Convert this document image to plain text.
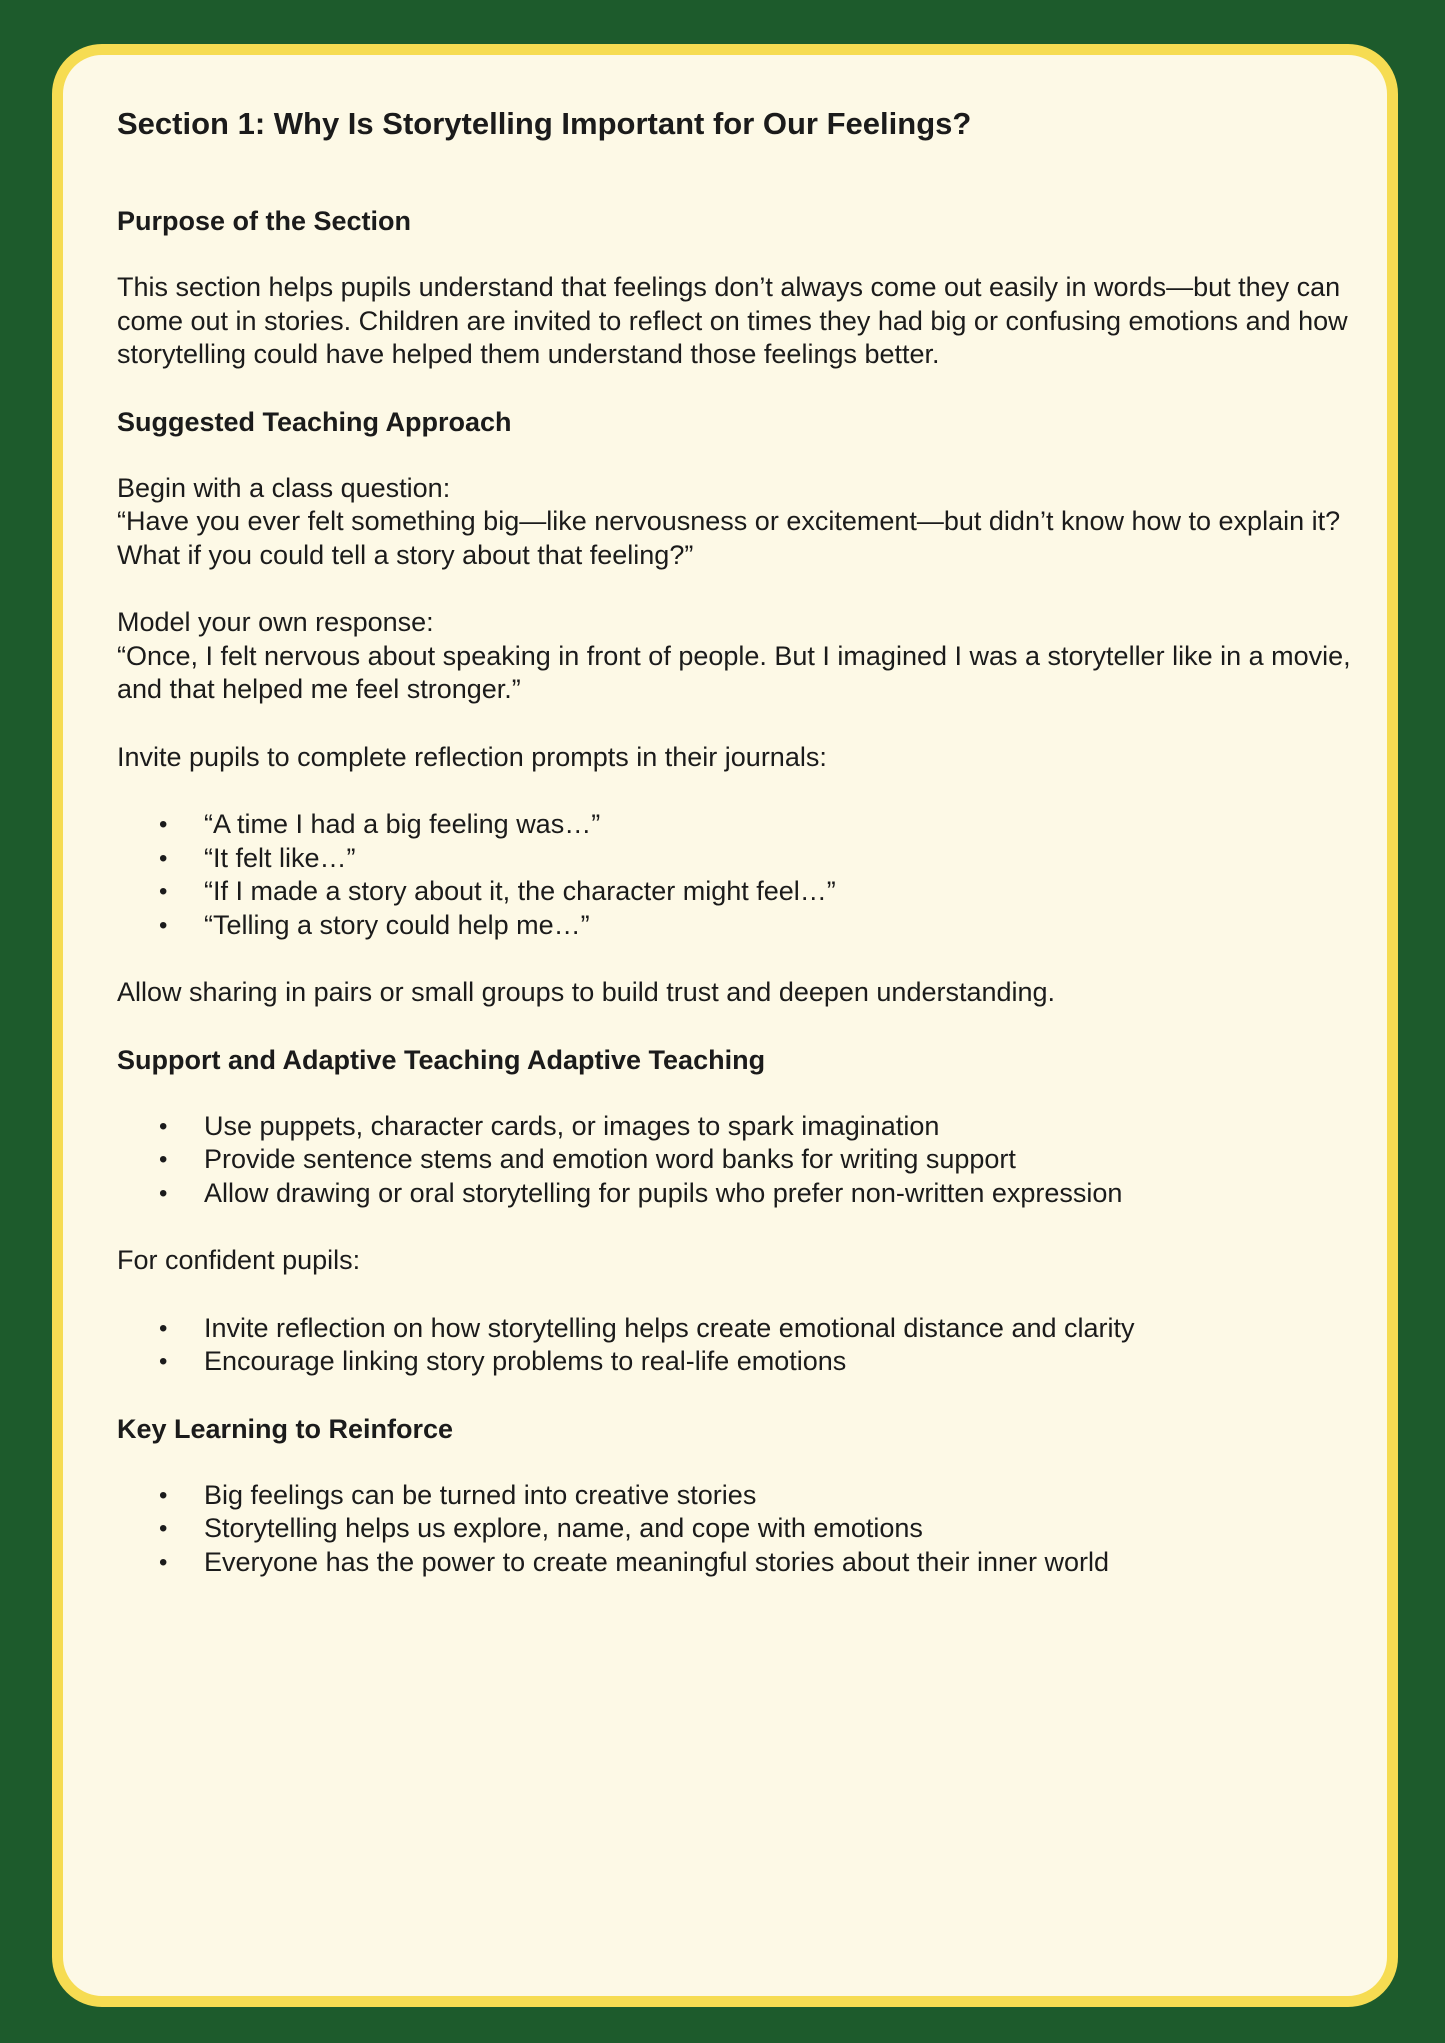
Section 1: Why Is Storytelling Important for Our Feelings?
Purpose of the Section

This section helps pupils understand that feelings don’t always come out easily in words—but they can come out in stories. Children are invited to reflect on times they had big or confusing emotions and how storytelling could have helped them understand those feelings better.

Suggested Teaching Approach

Begin with a class question:

“Have you ever felt something big—like nervousness or excitement—but didn’t know how to explain it? What if you could tell a story about that feeling?”

Model your own response:

“Once, I felt nervous about speaking in front of people. But I imagined I was a storyteller like in a movie, and that helped me feel stronger.”

Invite pupils to complete reflection prompts in their journals:

• “A time I had a big feeling was…”
• “It felt like…”
• “If I made a story about it, the character might feel…”
• “Telling a story could help me…”

Allow sharing in pairs or small groups to build trust and deepen understanding.

Support and Adaptive Teaching Adaptive Teaching
• Use puppets, character cards, or images to spark imagination
• Provide sentence stems and emotion word banks for writing support
• Allow drawing or oral storytelling for pupils who prefer non-written expression

For confident pupils:

• Invite reflection on how storytelling helps create emotional distance and clarity
• Encourage linking story problems to real-life emotions
Key Learning to Reinforce
• Big feelings can be turned into creative stories
• Storytelling helps us explore, name, and cope with emotions
• Everyone has the power to create meaningful stories about their inner world
